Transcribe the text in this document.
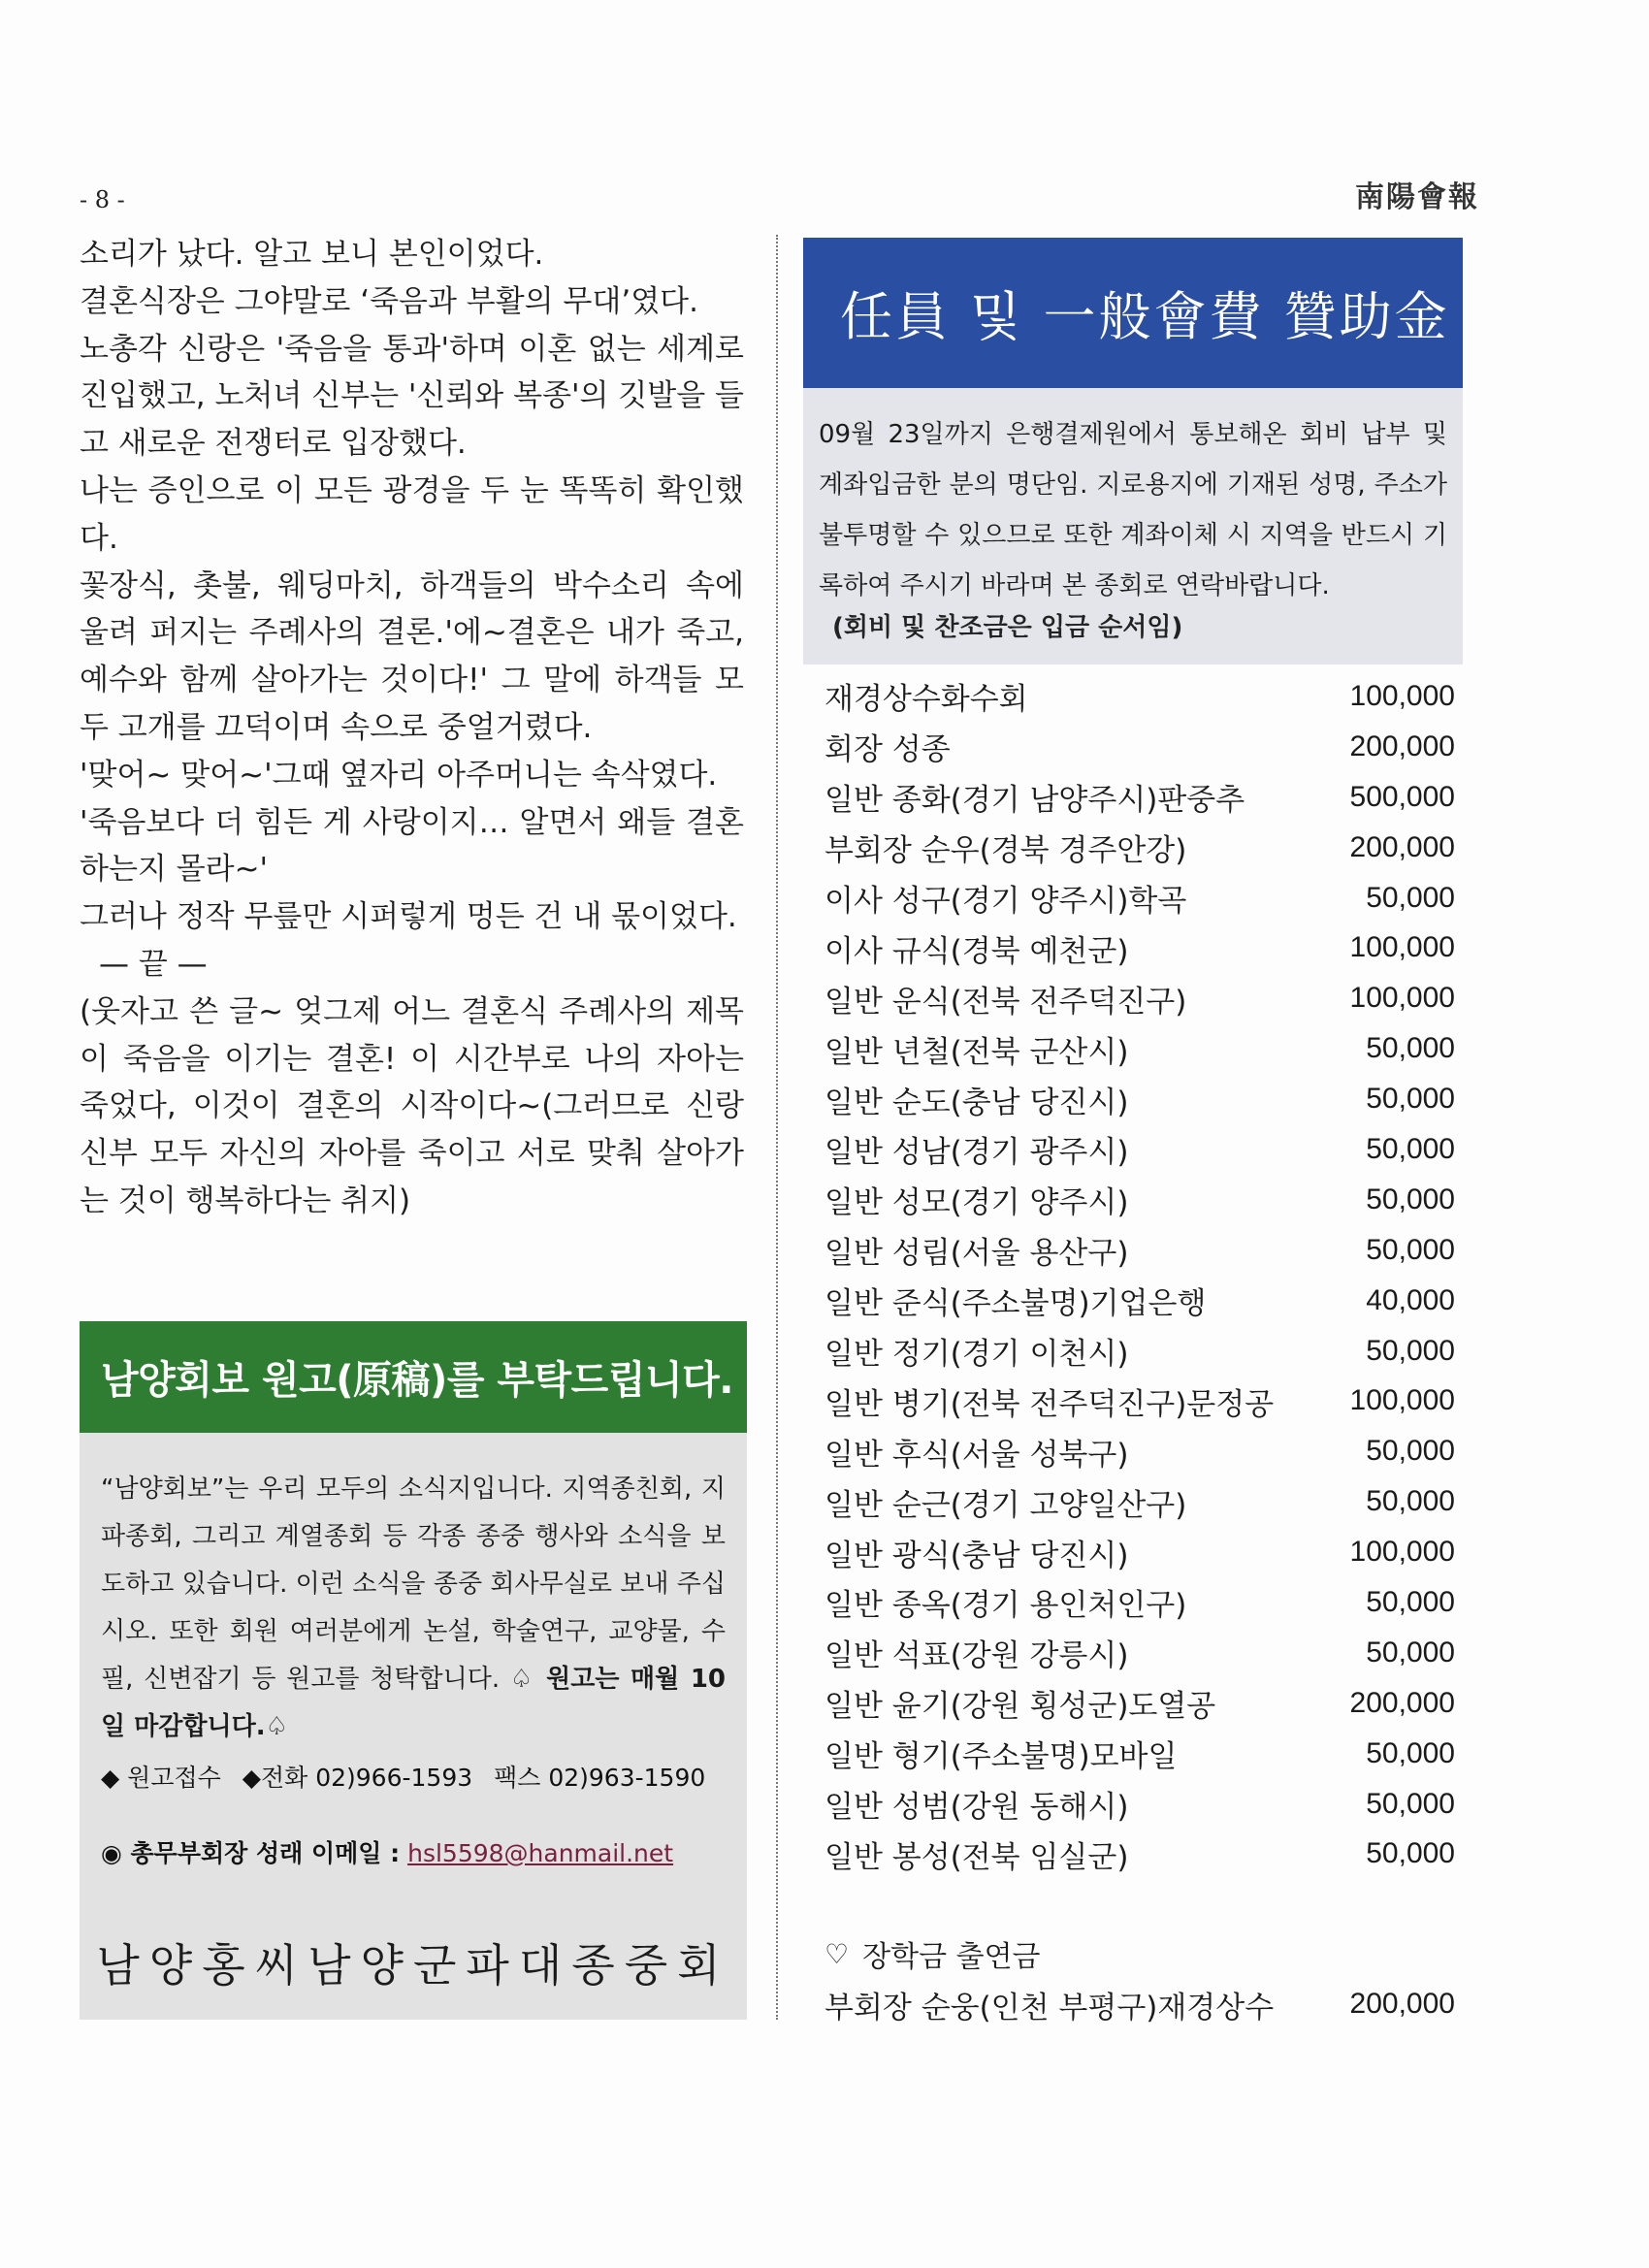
- 8 -	南陽會報

소리가 났다. 알고 보니 본인이었다.

결혼식장은 그야말로 ‘죽음과 부활의 무대’였다.

노총각 신랑은 '죽음을 통과'하며 이혼 없는 세계로 진입했고, 노처녀 신부는 '신뢰와 복종'의 깃발을 들고 새로운 전쟁터로 입장했다.

나는 증인으로 이 모든 광경을 두 눈 똑똑히 확인했다.

꽃장식, 촛불, 웨딩마치, 하객들의 박수소리 속에 울려 퍼지는 주례사의 결론.'에~결혼은 내가 죽고, 예수와 함께 살아가는 것이다!' 그 말에 하객들 모두 고개를 끄덕이며 속으로 중얼거렸다.

'맞어~ 맞어~'그때 옆자리 아주머니는 속삭였다.

'죽음보다 더 힘든 게 사랑이지… 알면서 왜들 결혼하는지 몰라~'

그러나 정작 무릎만 시퍼렇게 멍든 건 내 몫이었다.

— 끝 —

(웃자고 쓴 글~ 엊그제 어느 결혼식 주례사의 제목이 죽음을 이기는 결혼! 이 시간부로 나의 자아는 죽었다, 이것이 결혼의 시작이다~(그러므로 신랑 신부 모두 자신의 자아를 죽이고 서로 맞춰 살아가는 것이 행복하다는 취지)

남양회보 원고(原稿)를 부탁드립니다.

“남양회보”는 우리 모두의 소식지입니다. 지역종친회, 지파종회, 그리고 계열종회 등 각종 종중 행사와 소식을 보도하고 있습니다. 이런 소식을 종중 회사무실로 보내 주십시오. 또한 회원 여러분에게 논설, 학술연구, 교양물, 수필, 신변잡기 등 원고를 청탁합니다. ♤ 원고는 매월 10일 마감합니다.♤

◆ 원고접수 ◆전화 02)966-1593 팩스 02)963-1590
◉ 총무부회장 성래 이메일 : hsl5598@hanmail.net
남양홍씨남양군파대종중회
任員 및 一般會費 贊助金

09월 23일까지 은행결제원에서 통보해온 회비 납부 및 계좌입금한 분의 명단임. 지로용지에 기재된 성명, 주소가 불투명할 수 있으므로 또한 계좌이체 시 지역을 반드시 기록하여 주시기 바라며 본 종회로 연락바랍니다.

(회비 및 찬조금은 입금 순서임)
재경상수화수회	100,000
회장 성종	200,000
일반 종화(경기 남양주시)판중추	500,000
부회장 순우(경북 경주안강)	200,000
이사 성구(경기 양주시)학곡	50,000
이사 규식(경북 예천군)	100,000
일반 운식(전북 전주덕진구)	100,000
일반 년철(전북 군산시)	50,000
일반 순도(충남 당진시)	50,000
일반 성남(경기 광주시)	50,000
일반 성모(경기 양주시)	50,000
일반 성림(서울 용산구)	50,000
일반 준식(주소불명)기업은행	40,000
일반 정기(경기 이천시)	50,000
일반 병기(전북 전주덕진구)문정공	100,000
일반 후식(서울 성북구)	50,000
일반 순근(경기 고양일산구)	50,000
일반 광식(충남 당진시)	100,000
일반 종옥(경기 용인처인구)	50,000
일반 석표(강원 강릉시)	50,000
일반 윤기(강원 횡성군)도열공	200,000
일반 형기(주소불명)모바일	50,000
일반 성범(강원 동해시)	50,000
일반 봉성(전북 임실군)	50,000
♡ 장학금 출연금
부회장 순웅(인천 부평구)재경상수	200,000
